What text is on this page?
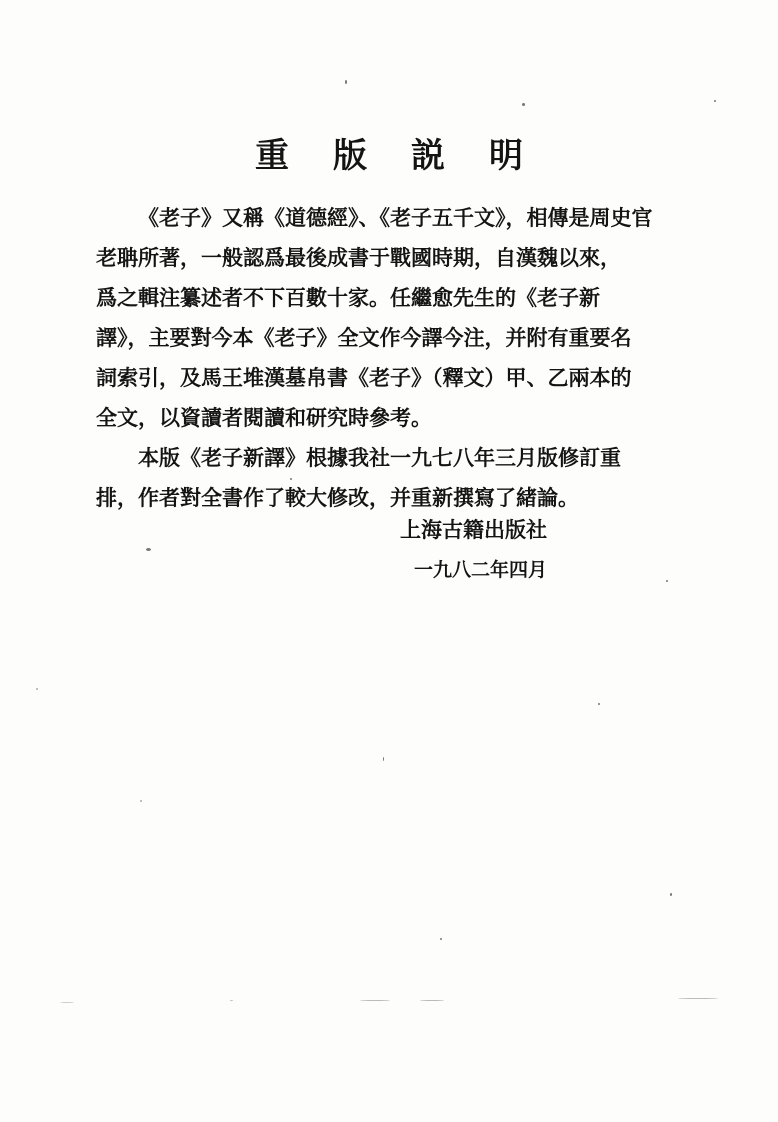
重 版 説 明
《老子》又稱《道德經》、《老子五千文》，相傳是周史官
老聃所著，一般認爲最後成書于戰國時期，自漢魏以來，
爲之輯注纂述者不下百數十家。任繼愈先生的《老子新
譯》，主要對今本《老子》全文作今譯今注，并附有重要名
詞索引，及馬王堆漢墓帛書《老子》（釋文）甲、乙兩本的
全文，以資讀者閱讀和研究時參考。
本版《老子新譯》根據我社一九七八年三月版修訂重
排，作者對全書作了較大修改，并重新撰寫了緒論。
上海古籍出版社
一九八二年四月
